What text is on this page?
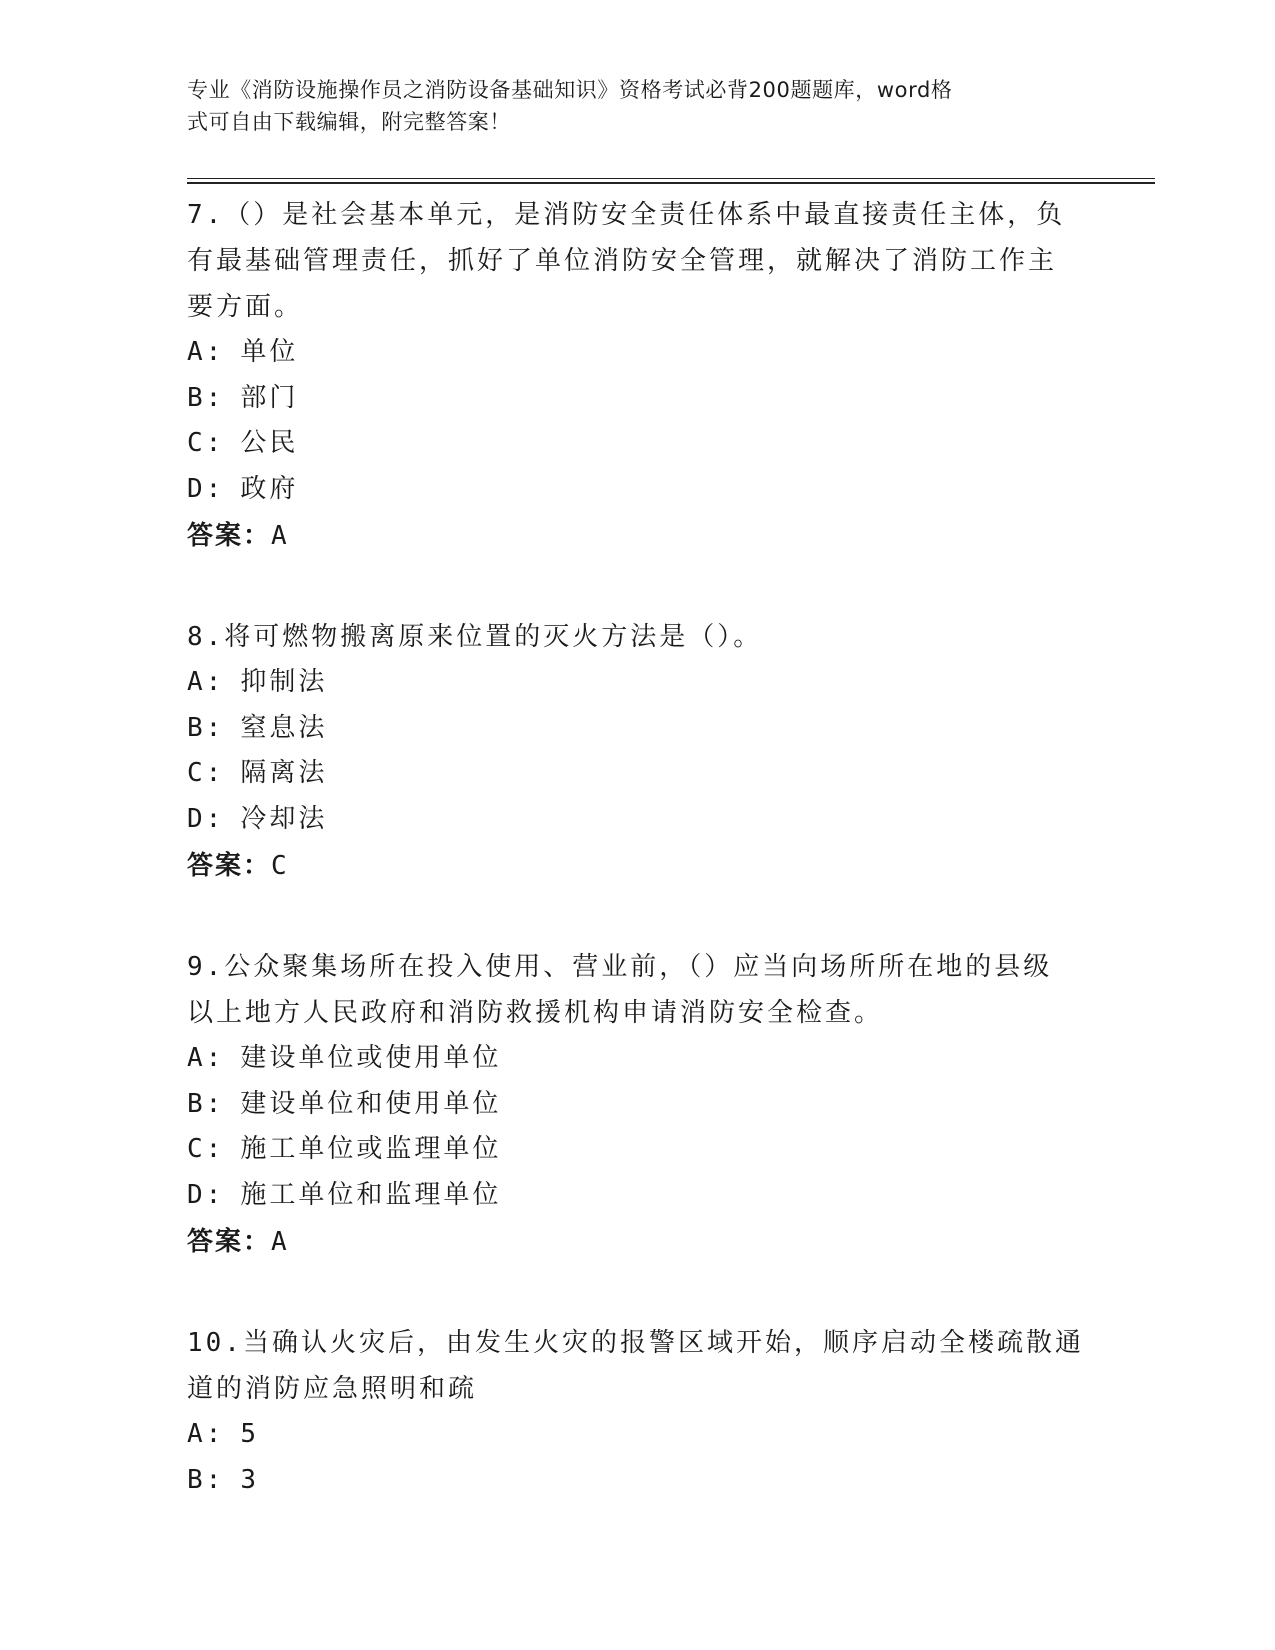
专业《消防设施操作员之消防设备基础知识》资格考试必背200题题库，word格
式可自由下载编辑，附完整答案！

7.（）是社会基本单元，是消防安全责任体系中最直接责任主体，负

有最基础管理责任，抓好了单位消防安全管理，就解决了消防工作主

要方面。

A: 单位

B: 部门

C: 公民

D: 政府

答案：A

8.将可燃物搬离原来位置的灭火方法是（）。

A: 抑制法

B: 窒息法

C: 隔离法

D: 冷却法

答案：C

9.公众聚集场所在投入使用、营业前，（）应当向场所所在地的县级

以上地方人民政府和消防救援机构申请消防安全检查。

A: 建设单位或使用单位

B: 建设单位和使用单位

C: 施工单位或监理单位

D: 施工单位和监理单位

答案：A

10.当确认火灾后，由发生火灾的报警区域开始，顺序启动全楼疏散通

道的消防应急照明和疏

A: 5

B: 3
